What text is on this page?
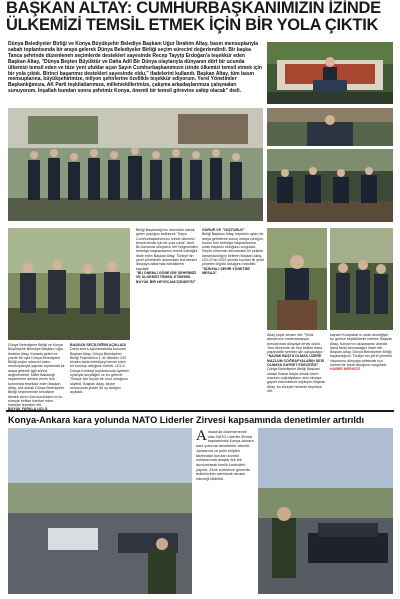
BAŞKAN ALTAY: CUMHURBAŞKANIMIZIN İZİNDE
ÜLKEMİZİ TEMSİL ETMEK İÇİN BİR YOLA ÇIKTIK
Dünya Belediyeler Birliği ve Konya Büyükşehir Belediye Başkanı Uğur İbrahim Altay, basın mensuplarıyla sabah toplantısında bir araya gelerek Dünya Belediyeler Birliği seçim sürecini değerlendirdi. Bir başka Tanca şehrinde düzenlenen seçimlerde destekleri sayesinde Recep Tayyip Erdoğan'a teşekkür eden Başkan Altay, "Dünya Beşten Büyüktür ve Daha Adil Bir Dünya olaylarıyla dünyanın dört bir ucunda ülkemizi temsil eden ve bize yeni ufuklar açan Sayın Cumhurbaşkanımızın izinde ülkemizi temsil etmek için bir yola çıktık. Birinci başarımız destekleri sayesinde oldu," ifadelerini kullandı. Başkan Altay, tüm basın mensuplarına, büyükşehirimize, milyon şehirlerine özellikle teşekkür ediyorum. Yerel Yönetimler Başkanlığımıza, AK Parti teşkilatlarımıza, milletvekillerimize, çalışma arkadaşlarımıza çalışmaları sunuyorum. İnşallah bundan sonra şehrimiz Konya, önemli bir temsil görevine sahip olacak" dedi.
Dünya Belediyeler Birliği ve Konya Büyükşehir Belediye Başkanı Uğur İbrahim Altay, Kanada gelen ve yüzde 56 oyla Dünya Belediyeler Birliği seçim sürecini basın mensuplarıyla yapılan toplantıda bir araya gelerek ilgili süreci değerlendirdi. Millet Bakanlığı seçimlerine destek veren tüm kurumlara teşekkür eden Başkan Altay, söz alarak Dünya Belediyeler Birliği seçimlerinde kendisine destek veren tüm kurumlara ve bu süreçte birlikte hareket eden herkese teşekkür etti.
BAŞKAN SEÇİLDİĞİNİ AÇIKLADI
Daha sonra açıklamalarda bulunan Başkan Altay, Dünya Belediyeler Birliği Teşkilatının 1.40 ülkeden 240 binden fazla belediyeyi temsil eden bir kuruluş olduğunu belirtti. UCLG Dünya Konseyi toplantısında üyelerin oylarıyla seçildiğini ve bu görevin Türkiye için büyük bir onur olduğunu söyledi. Başkan Altay, seçim sonucunda yüzde 56 oy aldığını açıkladı.
Birliği Başkanlığı'nın temsilcisi olarak görev yaptığını belirterek "Sayın Cumhurbaşkanımızın izinde ülkemizi temsil etmek için bir yola çıktık" dedi. Bu kurumda dünyanın her bölgesinden belediye başkanlarının temsil edildiğini ifade eden Başkan Altay, Türkiye'nin yerel yönetimler alanındaki tecrübesini dünyaya aktarmak istediklerini kaydetti.
"BU ÖNEMLİ GÖREVDE ŞEHRİMİZİ VE ÜLKEMİZİ TEMSİL ETMENİN BÜYÜK BİR HEYECANI İÇİNDEYİZ"
GURUR VE "YAŞTURUZ"
Birliği Başkanı Altay, hepsinin oyları bir araya getirilerek sonuç ortaya çıktığını, bunun tüm belediye başkanlarının ortak başarısı olduğunu vurguladı. Seçim sürecinin demokratik bir şekilde tamamlandığını belirten Başkan Altay, UCLG'nin 2022 yılında kurulan ilk yerel yönetim örgütü olduğunu hatırlattı.
"DÜNYALI ŞEHİR YÖNETİMİ MESAJI"
Altay şöyle devam etti: "Şehir alanlarının modernizasyon konularında dünyaya örnek olduk. Yeni dönemde de hep birlikte daha yaşanabilir şehirler için çalışacağız."
"NAZIMI BAŞTA OLMAK ÜZERE MAZLUM COĞRAFYALARIN SESİ OLMAYA GAYRET EDECEĞİZ"
Dünya Belediyeler Birliği Başkanı olarak Gazze başta olmak üzere mazlum coğrafyaların sesi olmaya gayret edeceklerini söyleyen Başkan Altay, bu süreçte herkese teşekkür etti.
kayseri Konyalılar'ın ortak desteğiyle bu göreve seçildiklerini belirten Başkan Altay, Konya'nın uluslararası alanda daha fazla tanınacağını ifade etti. Başkan Altay, Dünya Belediyeler Birliği başkanlığının Türkiye'nin yerel yönetim vizyonunu dünyaya anlatmak için önemli bir fırsat olduğunu vurguladı. HABER MERKEZİ
Konya-Ankara kara yolunda NATO Liderler Zirvesi kapsamında denetimler artırıldı
A nkara'da düzenlenecek olan NATO Liderler Zirvesi kapsamında Konya-Ankara kara yolunda denetimler artırıldı. Jandarma ve polis ekipleri tarafından kurulan kontrol noktalarında araçlar tek tek durdurularak kimlik kontrolleri yapıldı. Zirve süresince güvenlik tedbirlerinin artırılarak devam edeceği bildirildi.
